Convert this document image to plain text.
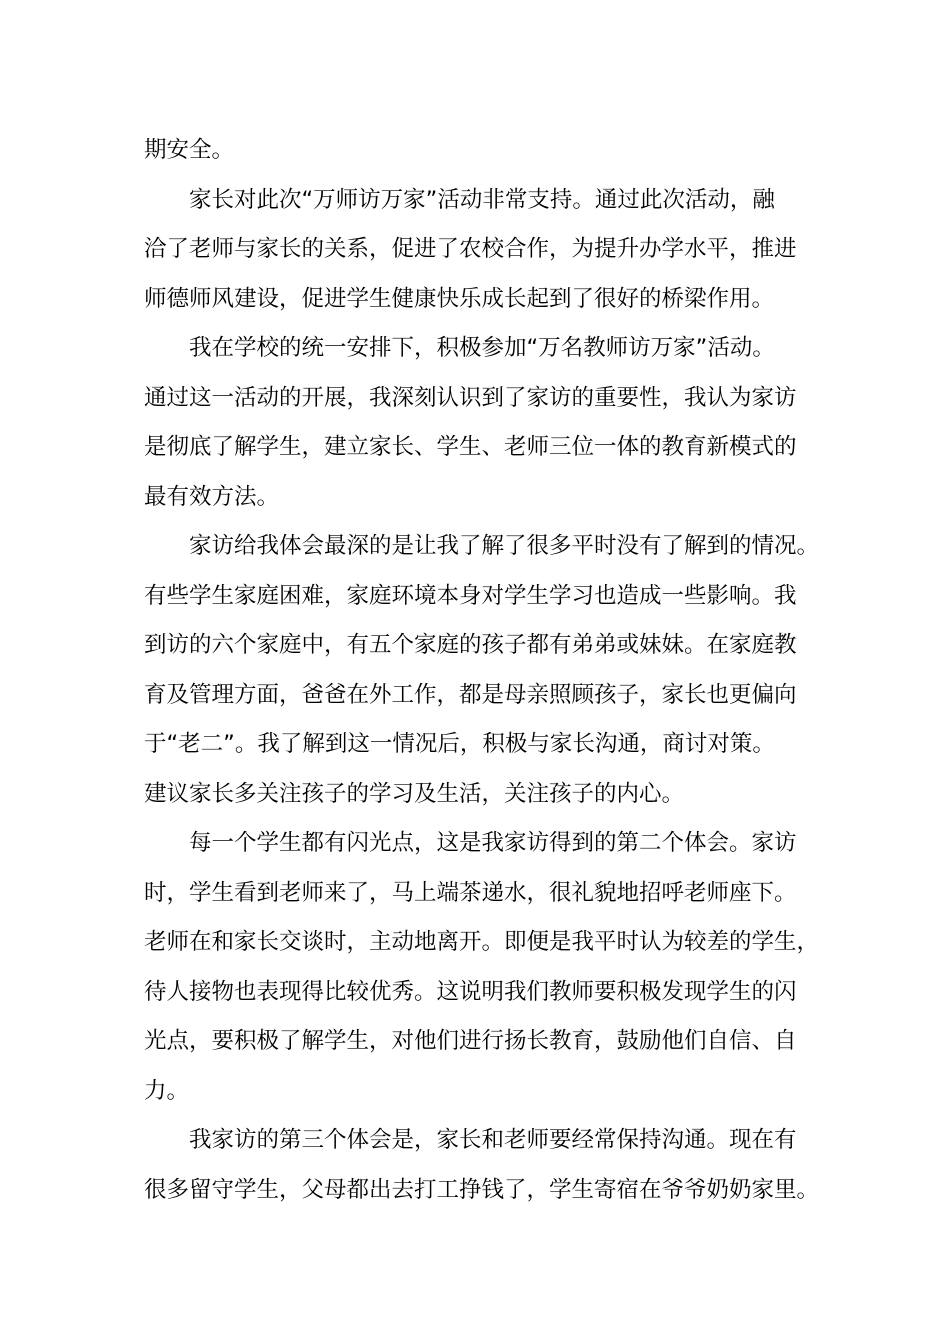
期安全。
家长对此次“万师访万家”活动非常支持。通过此次活动，融
洽了老师与家长的关系，促进了农校合作，为提升办学水平，推进
师德师风建设，促进学生健康快乐成长起到了很好的桥梁作用。
我在学校的统一安排下，积极参加“万名教师访万家”活动。
通过这一活动的开展，我深刻认识到了家访的重要性，我认为家访
是彻底了解学生，建立家长、学生、老师三位一体的教育新模式的
最有效方法。
家访给我体会最深的是让我了解了很多平时没有了解到的情况。
有些学生家庭困难，家庭环境本身对学生学习也造成一些影响。我
到访的六个家庭中，有五个家庭的孩子都有弟弟或妹妹。在家庭教
育及管理方面，爸爸在外工作，都是母亲照顾孩子，家长也更偏向
于“老二”。我了解到这一情况后，积极与家长沟通，商讨对策。
建议家长多关注孩子的学习及生活，关注孩子的内心。
每一个学生都有闪光点，这是我家访得到的第二个体会。家访
时，学生看到老师来了，马上端茶递水，很礼貌地招呼老师座下。
老师在和家长交谈时，主动地离开。即便是我平时认为较差的学生，
待人接物也表现得比较优秀。这说明我们教师要积极发现学生的闪
光点，要积极了解学生，对他们进行扬长教育，鼓励他们自信、自
力。
我家访的第三个体会是，家长和老师要经常保持沟通。现在有
很多留守学生，父母都出去打工挣钱了，学生寄宿在爷爷奶奶家里。
